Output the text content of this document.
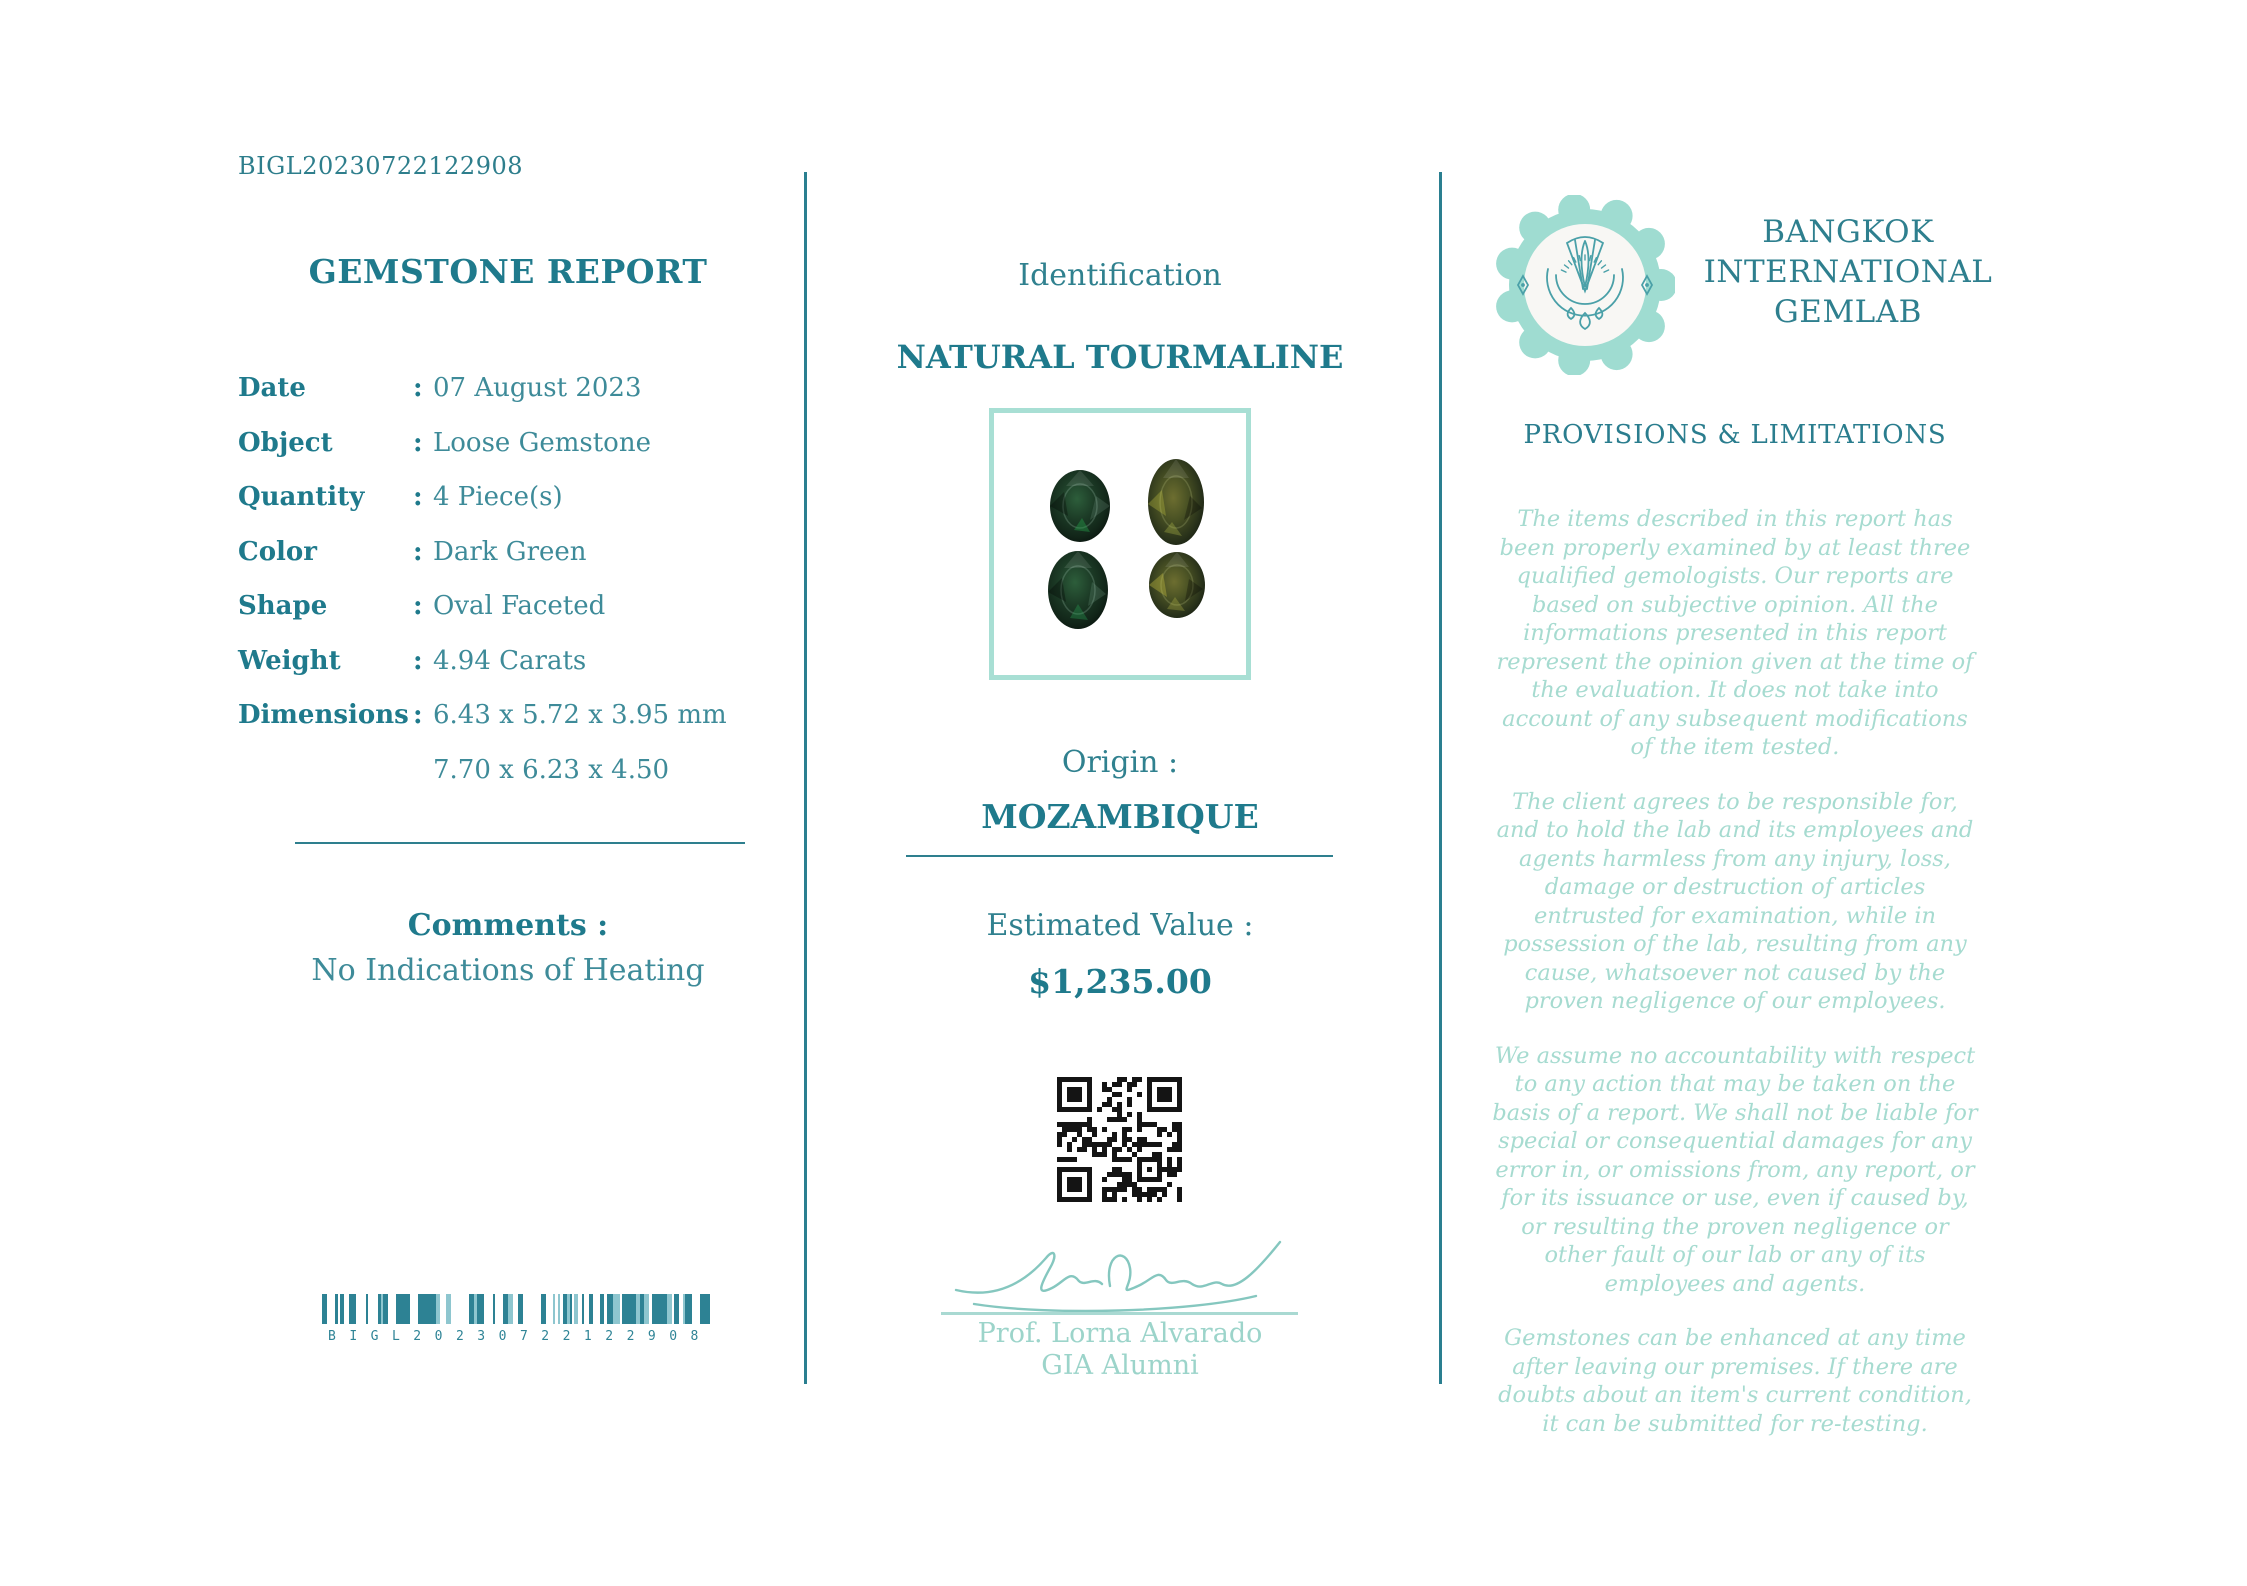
BIGL20230722122908
GEMSTONE REPORT
Date	: 07 August 2023
Object	: Loose Gemstone
Quantity	: 4 Piece(s)
Color	: Dark Green
Shape	: Oval Faceted
Weight	: 4.94 Carats
Dimensions : 6.43 x 5.72 x 3.95 mm
7.70 x 6.23 x 4.50
Comments :
No Indications of Heating
BIGL20230722122908
Identification
NATURAL TOURMALINE
Origin :
MOZAMBIQUE
Estimated Value :
$1,235.00
Prof. Lorna Alvarado
GIA Alumni
BANGKOK
INTERNATIONAL
GEMLAB
PROVISIONS & LIMITATIONS

The items described in this report has been properly examined by at least three qualified gemologists. Our reports are based on subjective opinion. All the informations presented in this report represent the opinion given at the time of the evaluation. It does not take into account of any subsequent modifications of the item tested.

The client agrees to be responsible for, and to hold the lab and its employees and agents harmless from any injury, loss, damage or destruction of articles entrusted for examination, while in possession of the lab, resulting from any cause, whatsoever not caused by the proven negligence of our employees.

We assume no accountability with respect to any action that may be taken on the basis of a report. We shall not be liable for special or consequential damages for any error in, or omissions from, any report, or for its issuance or use, even if caused by, or resulting the proven negligence or other fault of our lab or any of its employees and agents.

Gemstones can be enhanced at any time after leaving our premises. If there are doubts about an item's current condition, it can be submitted for re-testing.
